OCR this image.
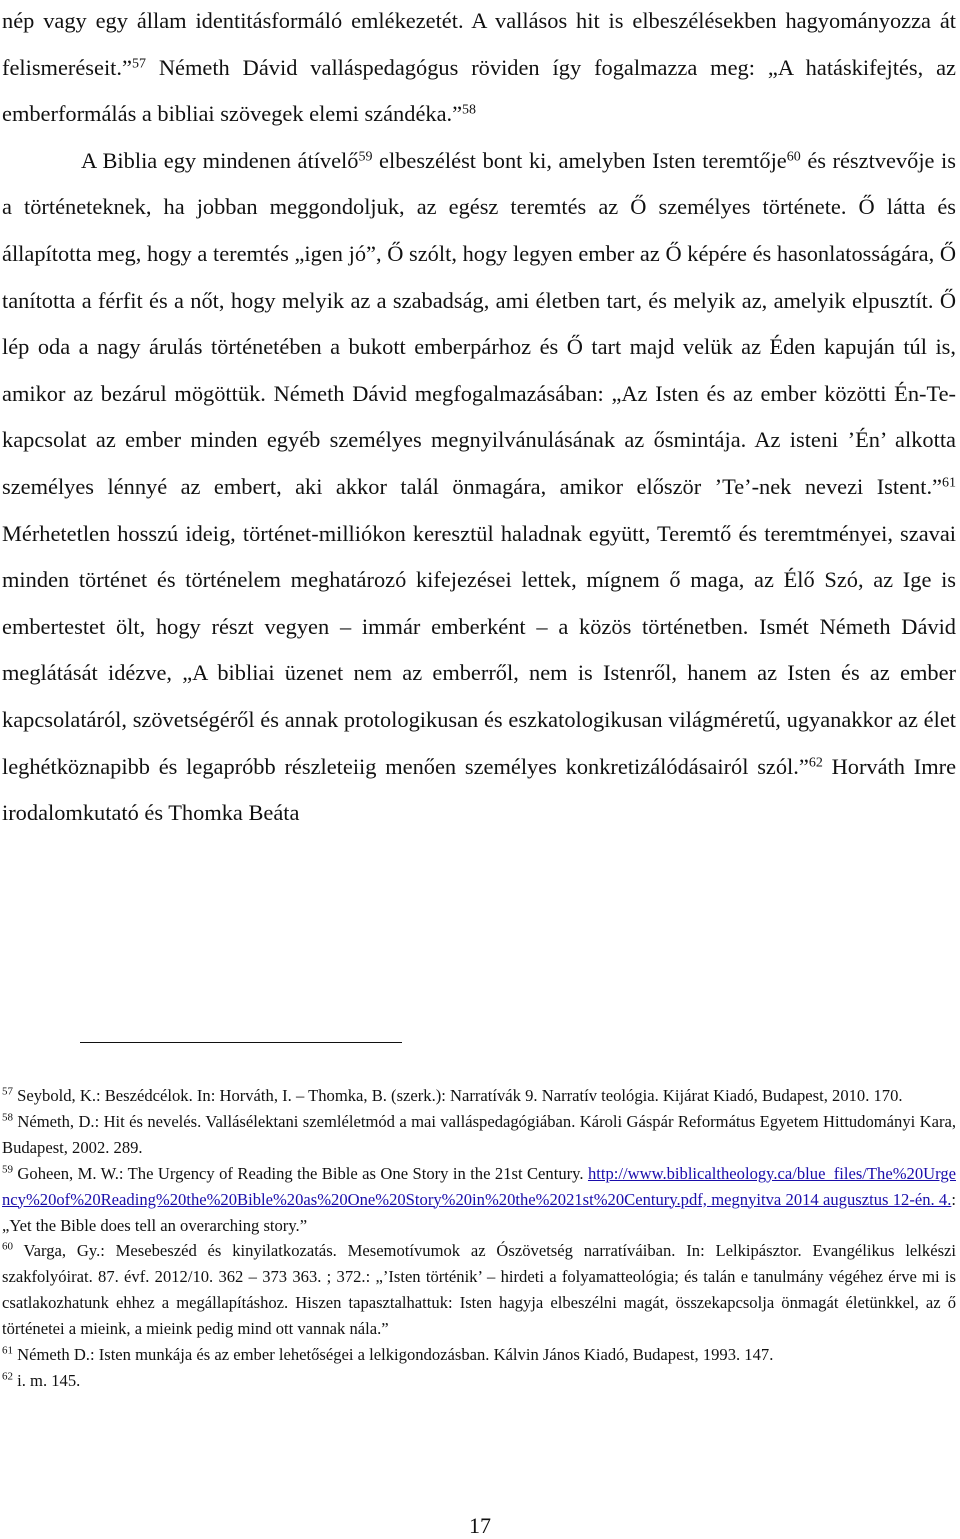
nép vagy egy állam identitásformáló emlékezetét. A vallásos hit is elbeszélésekben hagyományozza át felismeréseit.”$^{57}$ Németh Dávid valláspedagógus röviden így fogalmazza meg: „A hatáskifejtés, az emberformálás a bibliai szövegek elemi szándéka.”$^{58}$

A Biblia egy mindenen átívelő$^{59}$ elbeszélést bont ki, amelyben Isten teremtője$^{60}$ és résztvevője is a történeteknek, ha jobban meggondoljuk, az egész teremtés az Ő személyes története. Ő látta és állapította meg, hogy a teremtés „igen jó”, Ő szólt, hogy legyen ember az Ő képére és hasonlatosságára, Ő tanította a férfit és a nőt, hogy melyik az a szabadság, ami életben tart, és melyik az, amelyik elpusztít. Ő lép oda a nagy árulás történetében a bukott emberpárhoz és Ő tart majd velük az Éden kapuján túl is, amikor az bezárul mögöttük. Németh Dávid megfogalmazásában: „Az Isten és az ember közötti Én-Te-kapcsolat az ember minden egyéb személyes megnyilvánulásának az ősmintája. Az isteni ’Én’ alkotta személyes lénnyé az embert, aki akkor talál önmagára, amikor először ’Te’-nek nevezi Istent.”$^{61}$ Mérhetetlen hosszú ideig, történet-milliókon keresztül haladnak együtt, Teremtő és teremtményei, szavai minden történet és történelem meghatározó kifejezései lettek, mígnem ő maga, az Élő Szó, az Ige is embertestet ölt, hogy részt vegyen – immár emberként – a közös történetben. Ismét Németh Dávid meglátását idézve, „A bibliai üzenet nem az emberről, nem is Istenről, hanem az Isten és az ember kapcsolatáról, szövetségéről és annak protologikusan és eszkatologikusan világméretű, ugyanakkor az élet leghétköznapibb és legapróbb részleteiig menően személyes konkretizálódásairól szól.”$^{62}$ Horváth Imre irodalomkutató és Thomka Beáta

$^{57}$ Seybold, K.: Beszédcélok. In: Horváth, I. – Thomka, B. (szerk.): Narratívák 9. Narratív teológia. Kijárat Kiadó, Budapest, 2010. 170.

$^{58}$ Németh, D.: Hit és nevelés. Vallásélektani szemléletmód a mai valláspedagógiában. Károli Gáspár Református Egyetem Hittudományi Kara, Budapest, 2002. 289.

$^{59}$ Goheen, M. W.: The Urgency of Reading the Bible as One Story in the 21st Century. http://www.biblicaltheology.ca/blue_files/The%20Urgency%20of%20Reading%20the%20Bible%20as%20One%20Story%20in%20the%2021st%20Century.pdf, megnyitva 2014 augusztus 12-én. 4.: „Yet the Bible does tell an overarching story.”

$^{60}$ Varga, Gy.: Mesebeszéd és kinyilatkozatás. Mesemotívumok az Ószövetség narratíváiban. In: Lelkipásztor. Evangélikus lelkészi szakfolyóirat. 87. évf. 2012/10. 362 – 373 363. ; 372.: „’Isten történik’ – hirdeti a folyamatteológia; és talán e tanulmány végéhez érve mi is csatlakozhatunk ehhez a megállapításhoz. Hiszen tapasztalhattuk: Isten hagyja elbeszélni magát, összekapcsolja önmagát életünkkel, az ő történetei a mieink, a mieink pedig mind ott vannak nála.”

$^{61}$ Németh D.: Isten munkája és az ember lehetőségei a lelkigondozásban. Kálvin János Kiadó, Budapest, 1993. 147.

$^{62}$ i. m. 145.

17
